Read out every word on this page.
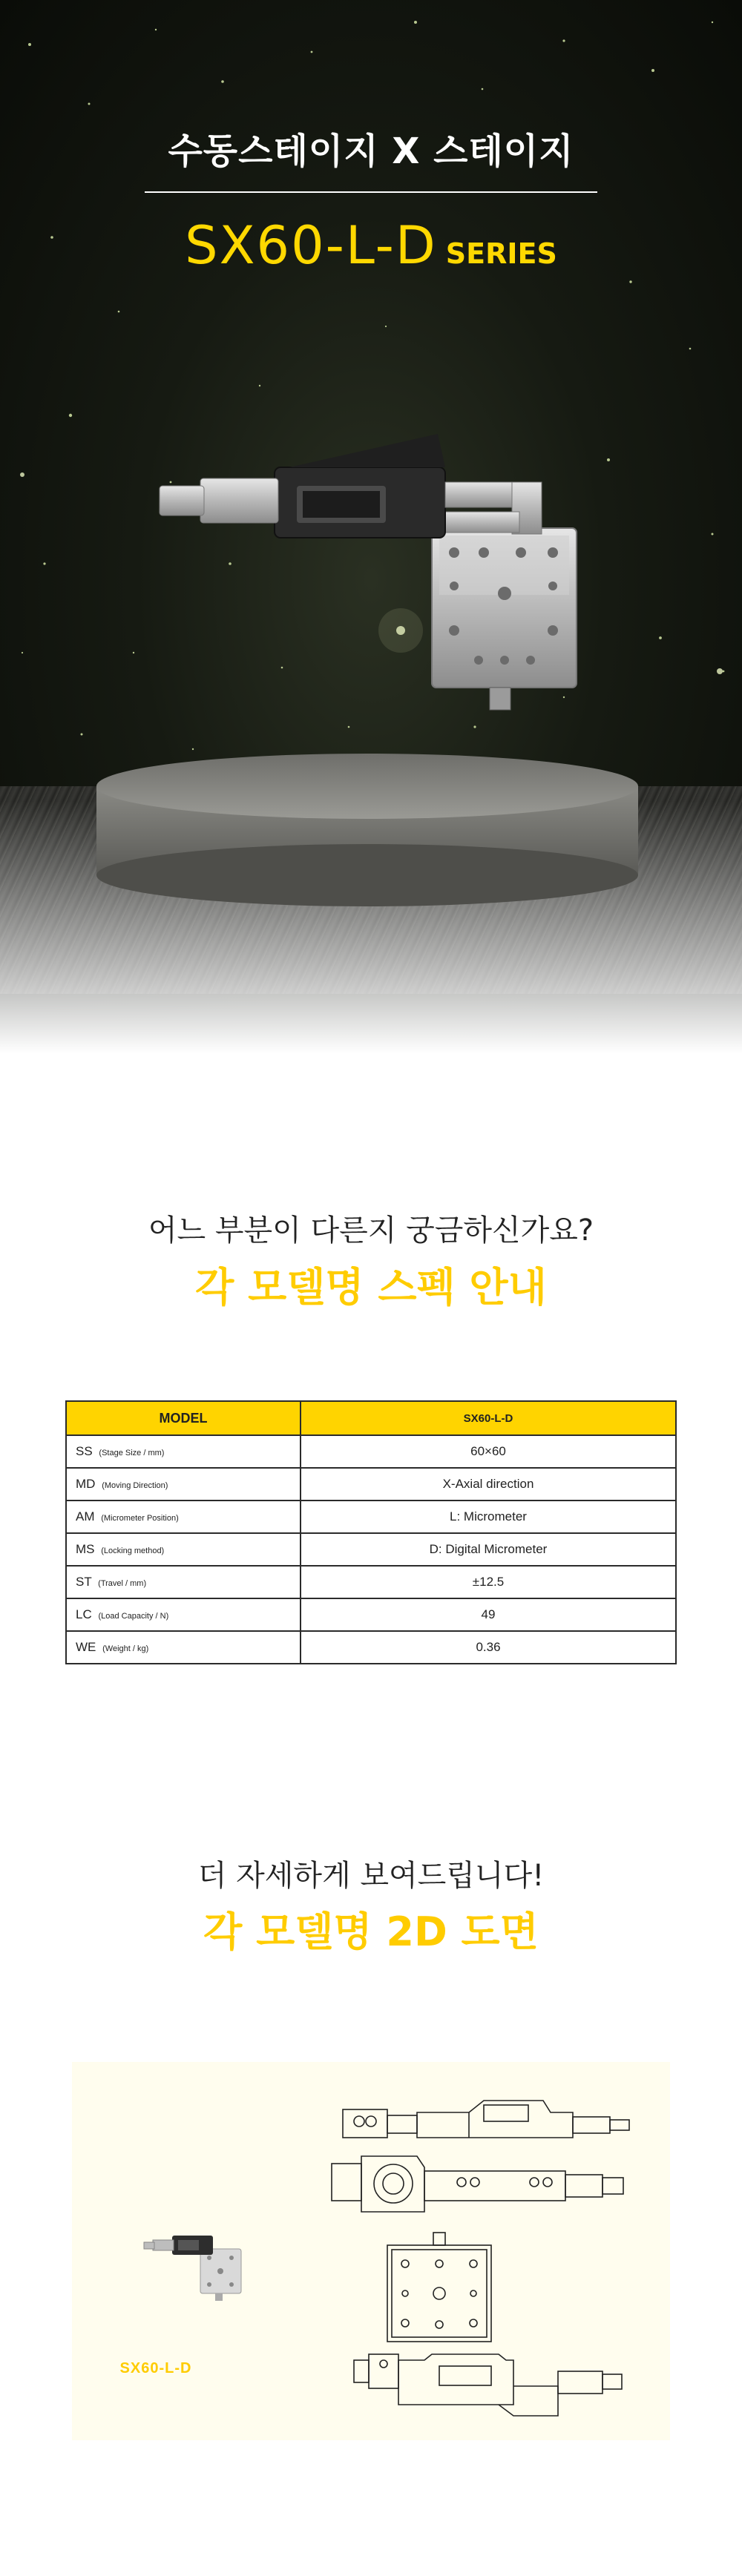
수동스테이지 X 스테이지
SX60-L-D SERIES
어느 부분이 다른지 궁금하신가요?
각 모델명 스펙 안내
MODEL	SX60-L-D
SS (Stage Size / mm)	60×60
MD (Moving Direction)	X-Axial direction
AM (Micrometer Position)	L: Micrometer
MS (Locking method)	D: Digital Micrometer
ST (Travel / mm)	±12.5
LC (Load Capacity / N)	49
WE (Weight / kg)	0.36
더 자세하게 보여드립니다!
각 모델명 2D 도면
SX60-L-D
